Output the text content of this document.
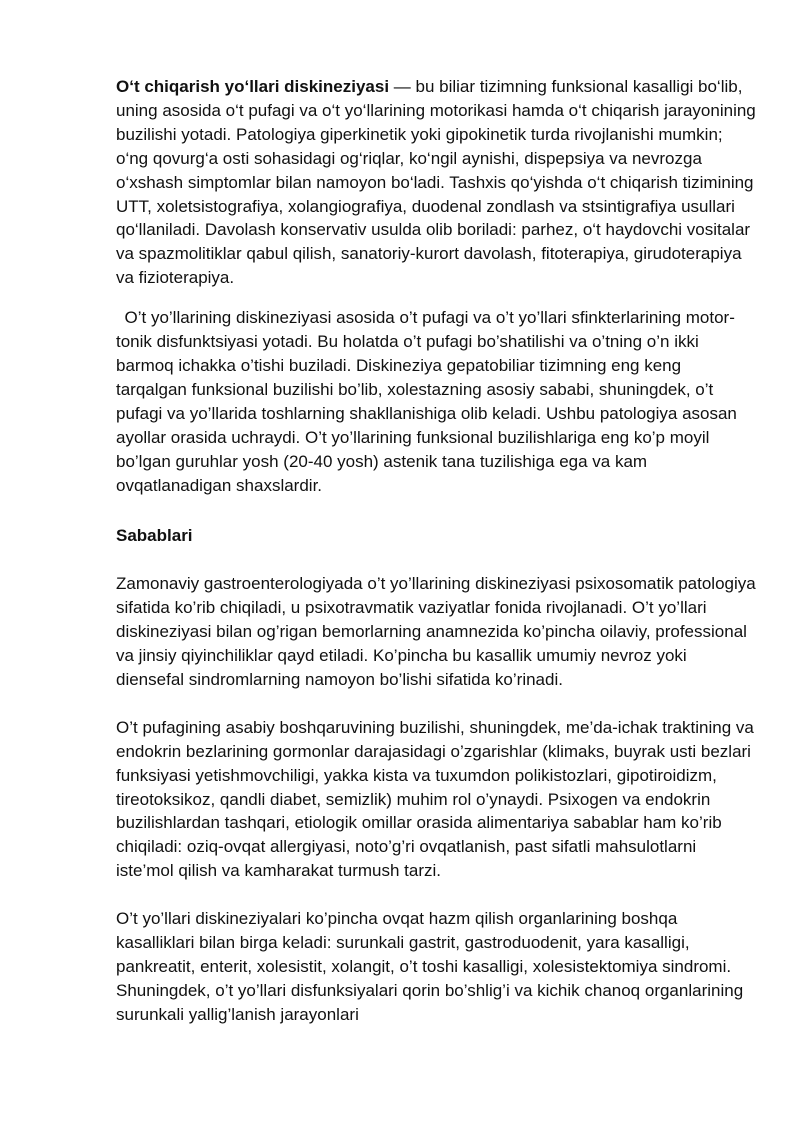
O‘t chiqarish yo‘llari diskineziyasi — bu biliar tizimning funksional kasalligi bo‘lib, uning asosida o‘t pufagi va o‘t yo‘llarining motorikasi hamda o‘t chiqarish jarayonining buzilishi yotadi. Patologiya giperkinetik yoki gipokinetik turda rivojlanishi mumkin; o‘ng qovurg‘a osti sohasidagi og‘riqlar, ko‘ngil aynishi, dispepsiya va nevrozga o‘xshash simptomlar bilan namoyon bo‘ladi. Tashxis qo‘yishda o‘t chiqarish tizimining UTT, xoletsistografiya, xolangiografiya, duodenal zondlash va stsintigrafiya usullari qo‘llaniladi. Davolash konservativ usulda olib boriladi: parhez, o‘t haydovchi vositalar va spazmolitiklar qabul qilish, sanatoriy-kurort davolash, fitoterapiya, girudoterapiya va fizioterapiya.

O’t yo’llarining diskineziyasi asosida o’t pufagi va o’t yo’llari sfinkterlarining motor-tonik disfunktsiyasi yotadi. Bu holatda o’t pufagi bo’shatilishi va o’tning o’n ikki barmoq ichakka o’tishi buziladi. Diskineziya gepatobiliar tizimning eng keng tarqalgan funksional buzilishi bo’lib, xolestazning asosiy sababi, shuningdek, o’t pufagi va yo’llarida toshlarning shakllanishiga olib keladi. Ushbu patologiya asosan ayollar orasida uchraydi. O’t yo’llarining funksional buzilishlariga eng ko’p moyil bo’lgan guruhlar yosh (20-40 yosh) astenik tana tuzilishiga ega va kam ovqatlanadigan shaxslardir.

Sabablari

Zamonaviy gastroenterologiyada o’t yo’llarining diskineziyasi psixosomatik patologiya sifatida ko’rib chiqiladi, u psixotravmatik vaziyatlar fonida rivojlanadi. O’t yo’llari diskineziyasi bilan og’rigan bemorlarning anamnezida ko’pincha oilaviy, professional va jinsiy qiyinchiliklar qayd etiladi. Ko’pincha bu kasallik umumiy nevroz yoki diensefal sindromlarning namoyon bo’lishi sifatida ko’rinadi.

O’t pufagining asabiy boshqaruvining buzilishi, shuningdek, me’da-ichak traktining va endokrin bezlarining gormonlar darajasidagi o’zgarishlar (klimaks, buyrak usti bezlari funksiyasi yetishmovchiligi, yakka kista va tuxumdon polikistozlari, gipotiroidizm, tireotoksikoz, qandli diabet, semizlik) muhim rol o’ynaydi. Psixogen va endokrin buzilishlardan tashqari, etiologik omillar orasida alimentariya sabablar ham ko’rib chiqiladi: oziq-ovqat allergiyasi, noto’g’ri ovqatlanish, past sifatli mahsulotlarni iste’mol qilish va kamharakat turmush tarzi.

O’t yo’llari diskineziyalari ko’pincha ovqat hazm qilish organlarining boshqa kasalliklari bilan birga keladi: surunkali gastrit, gastroduodenit, yara kasalligi, pankreatit, enterit, xolesistit, xolangit, o’t toshi kasalligi, xolesistektomiya sindromi. Shuningdek, o’t yo’llari disfunksiyalari qorin bo’shlig’i va kichik chanoq organlarining surunkali yallig’lanish jarayonlari
